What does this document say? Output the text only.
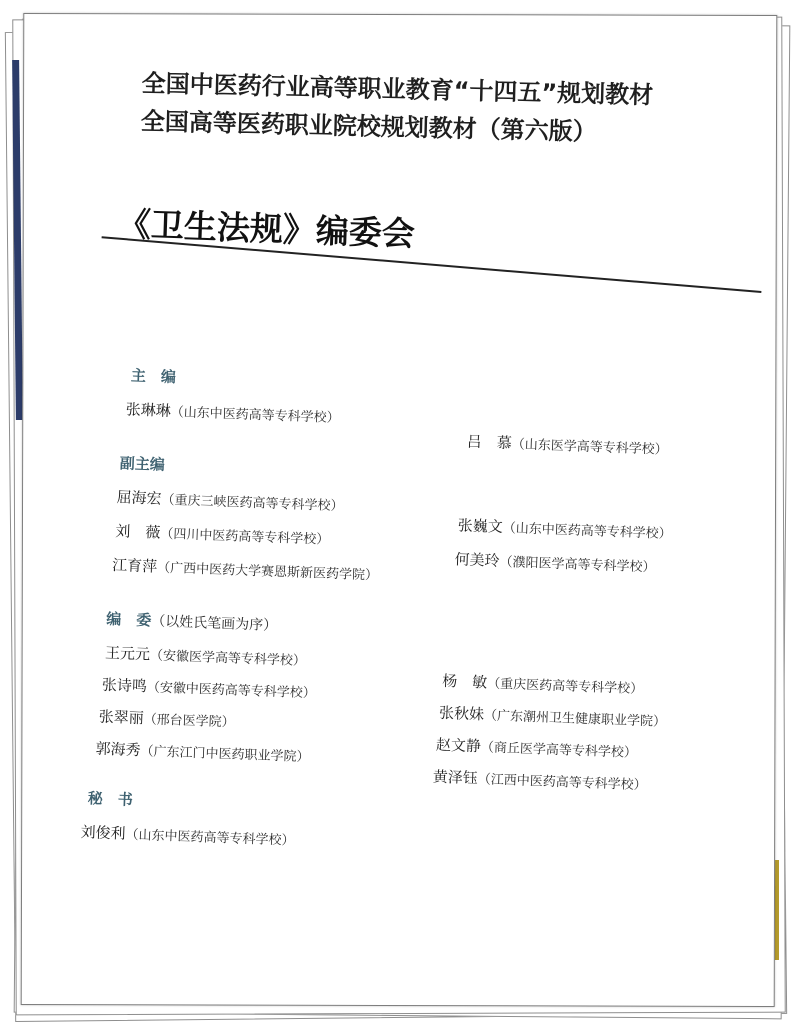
全国中医药行业高等职业教育“十四五”规划教材
全国高等医药职业院校规划教材（第六版）
《卫生法规》编委会
主　编
张琳琳（山东中医药高等专科学校）
吕　慕（山东医学高等专科学校）
副主编
屈海宏（重庆三峡医药高等专科学校）
刘　薇（四川中医药高等专科学校）
江育萍（广西中医药大学赛恩斯新医药学院）
张巍文（山东中医药高等专科学校）
何美玲（濮阳医学高等专科学校）
编　委（以姓氏笔画为序）
王元元（安徽医学高等专科学校）
张诗鸣（安徽中医药高等专科学校）
张翠丽（邢台医学院）
郭海秀（广东江门中医药职业学院）
杨　敏（重庆医药高等专科学校）
张秋妹（广东潮州卫生健康职业学院）
赵文静（商丘医学高等专科学校）
黄泽钰（江西中医药高等专科学校）
秘　书
刘俊利（山东中医药高等专科学校）
